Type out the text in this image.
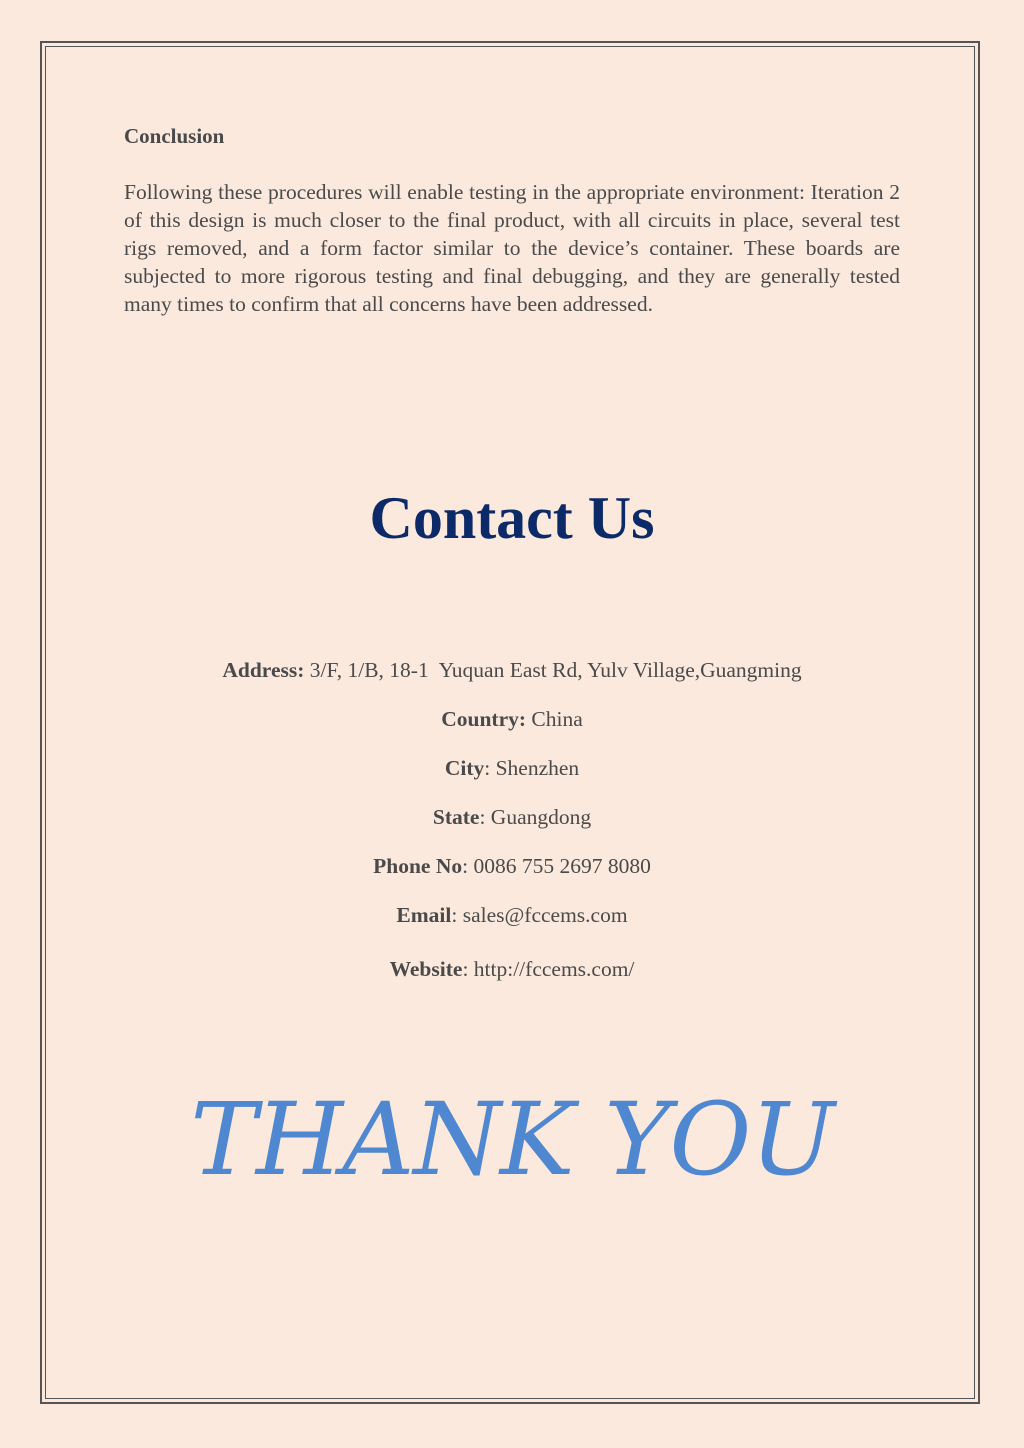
Conclusion

Following these procedures will enable testing in the appropriate environment: Iteration 2 of this design is much closer to the final product, with all circuits in place, several test rigs removed, and a form factor similar to the device’s container. These boards are subjected to more rigorous testing and final debugging, and they are generally tested many times to confirm that all concerns have been addressed.

Contact Us

Address: 3/F, 1/B, 18-1  Yuquan East Rd, Yulv Village,Guangming

Country: China

City: Shenzhen

State: Guangdong

Phone No: 0086 755 2697 8080

Email: sales@fccems.com

Website: http://fccems.com/

THANK YOU
